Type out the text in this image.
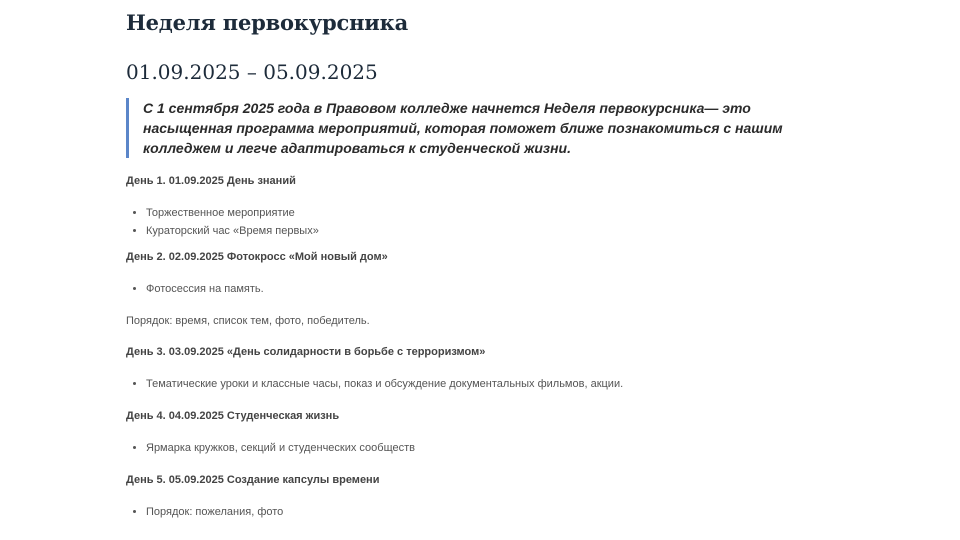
Неделя первокурсника
01.09.2025 – 05.09.2025
С 1 сентября 2025 года в Правовом колледже начнется Неделя первокурсника— это насыщенная программа мероприятий, которая поможет ближе познакомиться с нашим колледжем и легче адаптироваться к студенческой жизни.

День 1. 01.09.2025 День знаний

• Торжественное мероприятие
• Кураторский час «Время первых»

День 2. 02.09.2025 Фотокросс «Мой новый дом»

• Фотосессия на память.

Порядок: время, список тем, фото, победитель.

День 3. 03.09.2025 «День солидарности в борьбе с терроризмом»

• Тематические уроки и классные часы, показ и обсуждение документальных фильмов, акции.

День 4. 04.09.2025 Студенческая жизнь

• Ярмарка кружков, секций и студенческих сообществ

День 5. 05.09.2025 Создание капсулы времени

• Порядок: пожелания, фото
